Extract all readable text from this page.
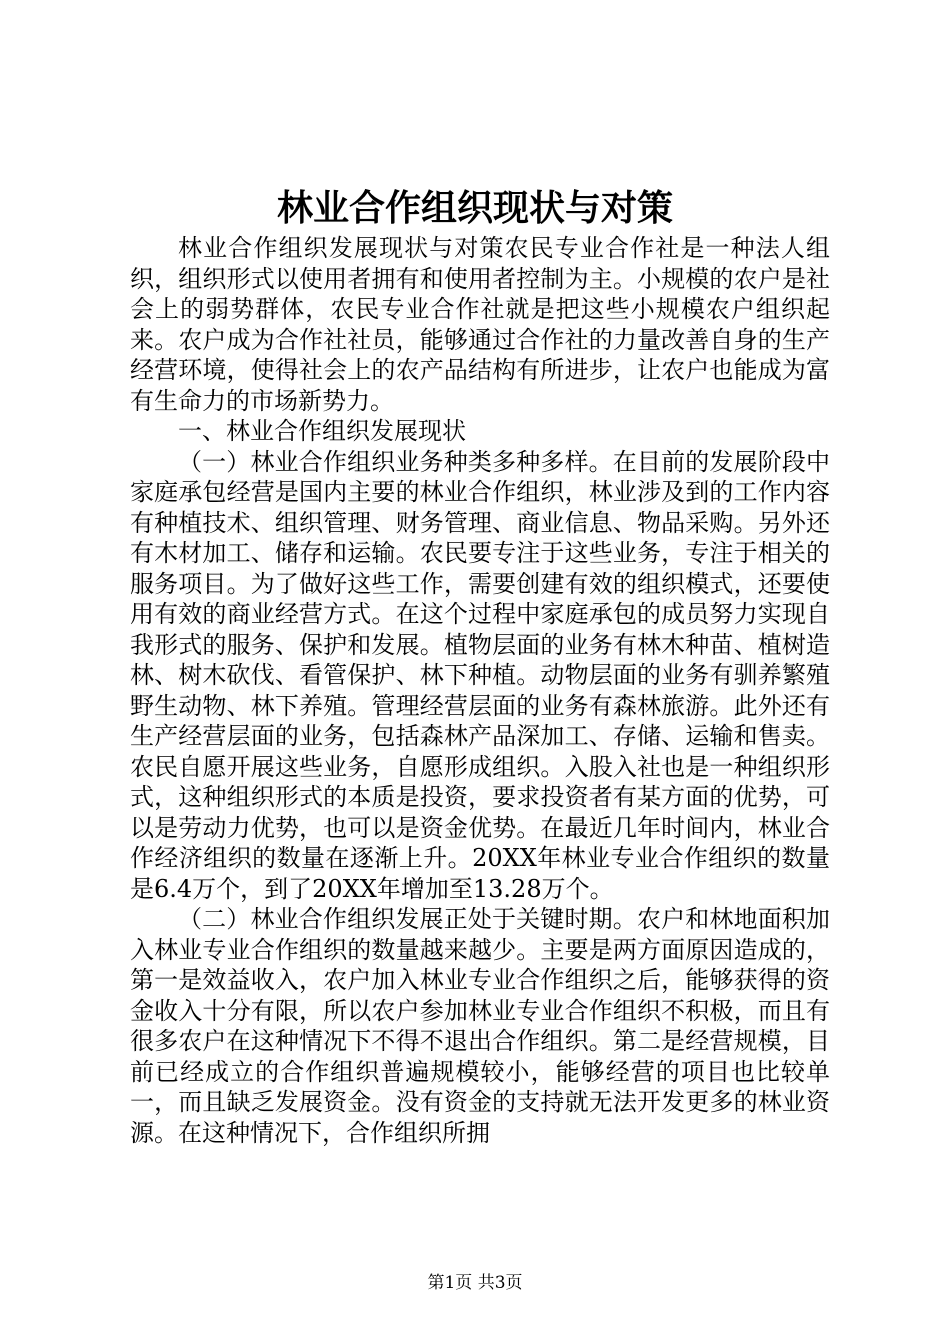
林业合作组织现状与对策

林业合作组织发展现状与对策农民专业合作社是一种法人组织，组织形式以使用者拥有和使用者控制为主。小规模的农户是社会上的弱势群体，农民专业合作社就是把这些小规模农户组织起来。农户成为合作社社员，能够通过合作社的力量改善自身的生产经营环境，使得社会上的农产品结构有所进步，让农户也能成为富有生命力的市场新势力。

一、林业合作组织发展现状

（一）林业合作组织业务种类多种多样。在目前的发展阶段中家庭承包经营是国内主要的林业合作组织，林业涉及到的工作内容有种植技术、组织管理、财务管理、商业信息、物品采购。另外还有木材加工、储存和运输。农民要专注于这些业务，专注于相关的服务项目。为了做好这些工作，需要创建有效的组织模式，还要使用有效的商业经营方式。在这个过程中家庭承包的成员努力实现自我形式的服务、保护和发展。植物层面的业务有林木种苗、植树造林、树木砍伐、看管保护、林下种植。动物层面的业务有驯养繁殖野生动物、林下养殖。管理经营层面的业务有森林旅游。此外还有生产经营层面的业务，包括森林产品深加工、存储、运输和售卖。农民自愿开展这些业务，自愿形成组织。入股入社也是一种组织形式，这种组织形式的本质是投资，要求投资者有某方面的优势，可以是劳动力优势，也可以是资金优势。在最近几年时间内，林业合作经济组织的数量在逐渐上升。20XX年林业专业合作组织的数量是6.4万个，到了20XX年增加至13.28万个。

（二）林业合作组织发展正处于关键时期。农户和林地面积加入林业专业合作组织的数量越来越少。主要是两方面原因造成的，第一是效益收入，农户加入林业专业合作组织之后，能够获得的资金收入十分有限，所以农户参加林业专业合作组织不积极，而且有很多农户在这种情况下不得不退出合作组织。第二是经营规模，目前已经成立的合作组织普遍规模较小，能够经营的项目也比较单一，而且缺乏发展资金。没有资金的支持就无法开发更多的林业资源。在这种情况下，合作组织所拥

第1页 共3页
